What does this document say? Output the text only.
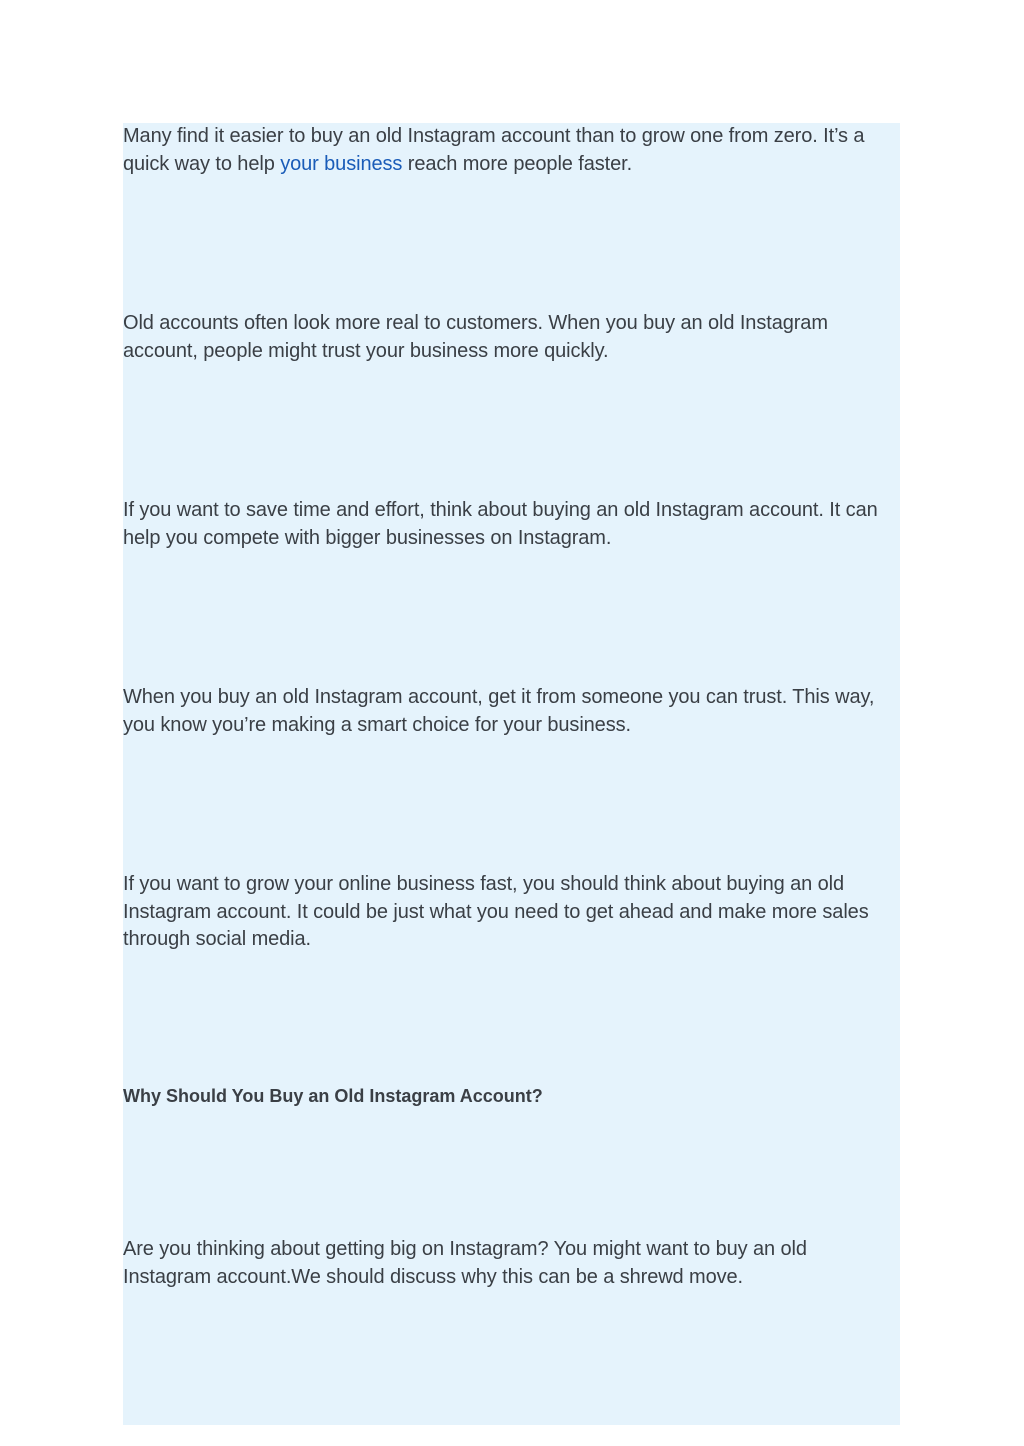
Many find it easier to buy an old Instagram account than to grow one from zero. It’s a quick way to help your business reach more people faster.

Old accounts often look more real to customers. When you buy an old Instagram account, people might trust your business more quickly.

If you want to save time and effort, think about buying an old Instagram account. It can help you compete with bigger businesses on Instagram.

When you buy an old Instagram account, get it from someone you can trust. This way, you know you’re making a smart choice for your business.

If you want to grow your online business fast, you should think about buying an old Instagram account. It could be just what you need to get ahead and make more sales through social media.

Why Should You Buy an Old Instagram Account?

Are you thinking about getting big on Instagram? You might want to buy an old Instagram account.We should discuss why this can be a shrewd move.
